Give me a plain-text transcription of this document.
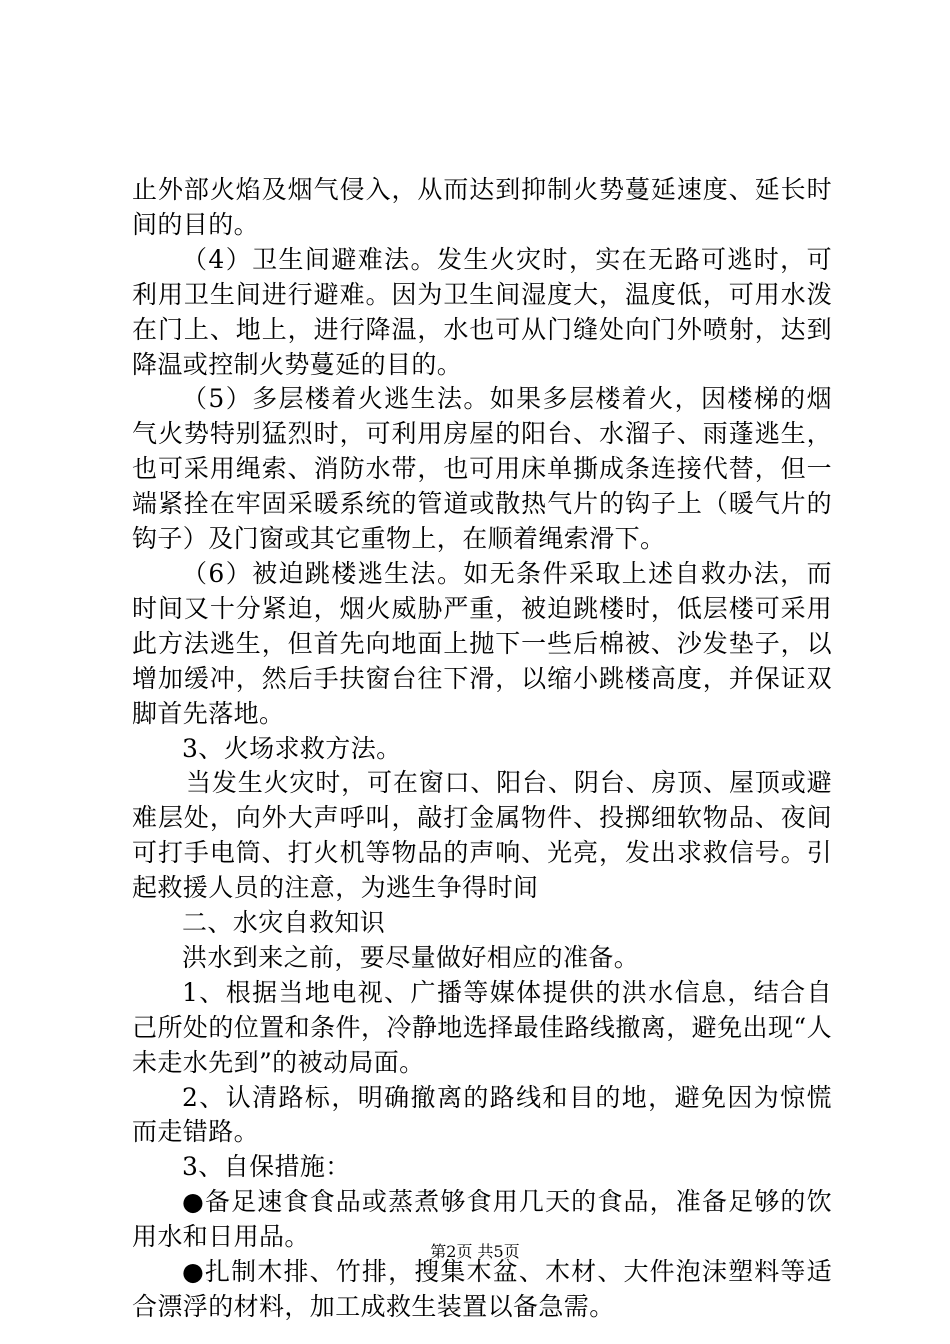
止外部火焰及烟气侵入，从而达到抑制火势蔓延速度、延长时间的目的。

（4）卫生间避难法。发生火灾时，实在无路可逃时，可利用卫生间进行避难。因为卫生间湿度大，温度低，可用水泼在门上、地上，进行降温，水也可从门缝处向门外喷射，达到降温或控制火势蔓延的目的。

（5）多层楼着火逃生法。如果多层楼着火，因楼梯的烟气火势特别猛烈时，可利用房屋的阳台、水溜子、雨蓬逃生，也可采用绳索、消防水带，也可用床单撕成条连接代替，但一端紧拴在牢固采暖系统的管道或散热气片的钩子上（暖气片的钩子）及门窗或其它重物上，在顺着绳索滑下。

（6）被迫跳楼逃生法。如无条件采取上述自救办法，而时间又十分紧迫，烟火威胁严重，被迫跳楼时，低层楼可采用此方法逃生，但首先向地面上抛下一些后棉被、沙发垫子，以增加缓冲，然后手扶窗台往下滑，以缩小跳楼高度，并保证双脚首先落地。

3、火场求救方法。

当发生火灾时，可在窗口、阳台、阴台、房顶、屋顶或避难层处，向外大声呼叫，敲打金属物件、投掷细软物品、夜间可打手电筒、打火机等物品的声响、光亮，发出求救信号。引起救援人员的注意，为逃生争得时间

二、水灾自救知识

洪水到来之前，要尽量做好相应的准备。

1、根据当地电视、广播等媒体提供的洪水信息，结合自己所处的位置和条件，冷静地选择最佳路线撤离，避免出现“人未走水先到”的被动局面。

2、认清路标，明确撤离的路线和目的地，避免因为惊慌而走错路。

3、自保措施：

●备足速食食品或蒸煮够食用几天的食品，准备足够的饮用水和日用品。

●扎制木排、竹排，搜集木盆、木材、大件泡沫塑料等适合漂浮的材料，加工成救生装置以备急需。

第2页 共5页
